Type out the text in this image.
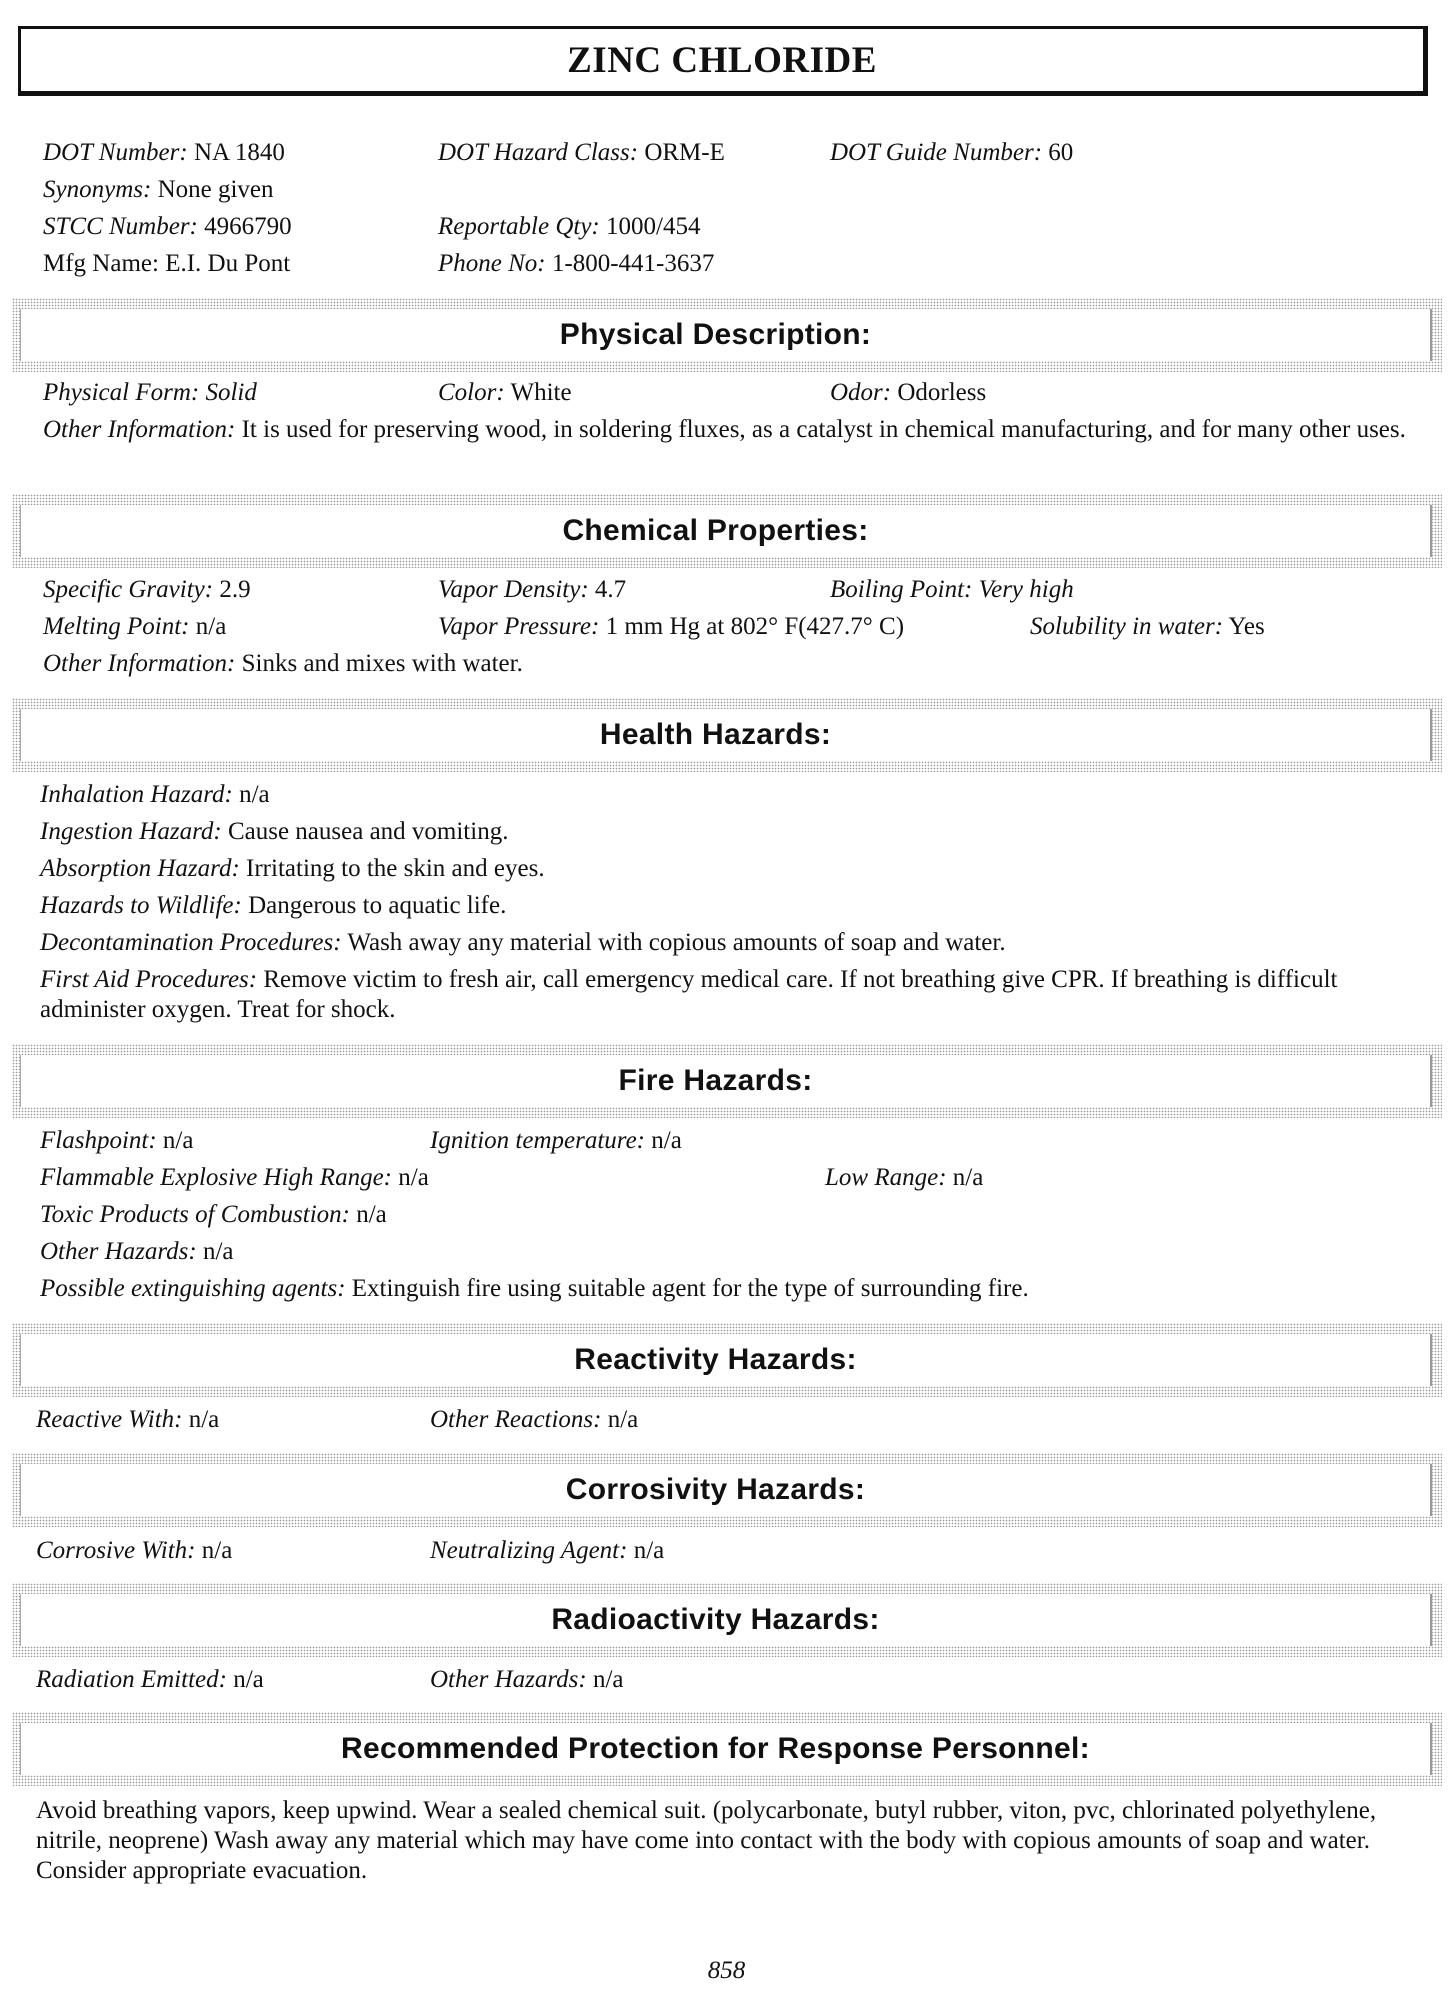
ZINC CHLORIDE
DOT Number: NA 1840	DOT Hazard Class: ORM-E	DOT Guide Number: 60
Synonyms: None given
STCC Number: 4966790	Reportable Qty: 1000/454
Mfg Name: E.I. Du Pont	Phone No: 1-800-441-3637
Physical Description:
Physical Form: Solid	Color: White	Odor: Odorless
Other Information: It is used for preserving wood, in soldering fluxes, as a catalyst in chemical manufacturing, and for many other uses.
Chemical Properties:
Specific Gravity: 2.9	Vapor Density: 4.7	Boiling Point: Very high
Melting Point: n/a	Vapor Pressure: 1 mm Hg at 802° F(427.7° C)	Solubility in water: Yes
Other Information: Sinks and mixes with water.
Health Hazards:
Inhalation Hazard: n/a
Ingestion Hazard: Cause nausea and vomiting.
Absorption Hazard: Irritating to the skin and eyes.
Hazards to Wildlife: Dangerous to aquatic life.
Decontamination Procedures: Wash away any material with copious amounts of soap and water.
First Aid Procedures: Remove victim to fresh air, call emergency medical care. If not breathing give CPR. If breathing is difficult administer oxygen. Treat for shock.
Fire Hazards:
Flashpoint: n/a	Ignition temperature: n/a
Flammable Explosive High Range: n/a	Low Range: n/a
Toxic Products of Combustion: n/a
Other Hazards: n/a
Possible extinguishing agents: Extinguish fire using suitable agent for the type of surrounding fire.
Reactivity Hazards:
Reactive With: n/a	Other Reactions: n/a
Corrosivity Hazards:
Corrosive With: n/a	Neutralizing Agent: n/a
Radioactivity Hazards:
Radiation Emitted: n/a	Other Hazards: n/a
Recommended Protection for Response Personnel:
Avoid breathing vapors, keep upwind. Wear a sealed chemical suit. (polycarbonate, butyl rubber, viton, pvc, chlorinated polyethylene, nitrile, neoprene) Wash away any material which may have come into contact with the body with copious amounts of soap and water. Consider appropriate evacuation.
858
